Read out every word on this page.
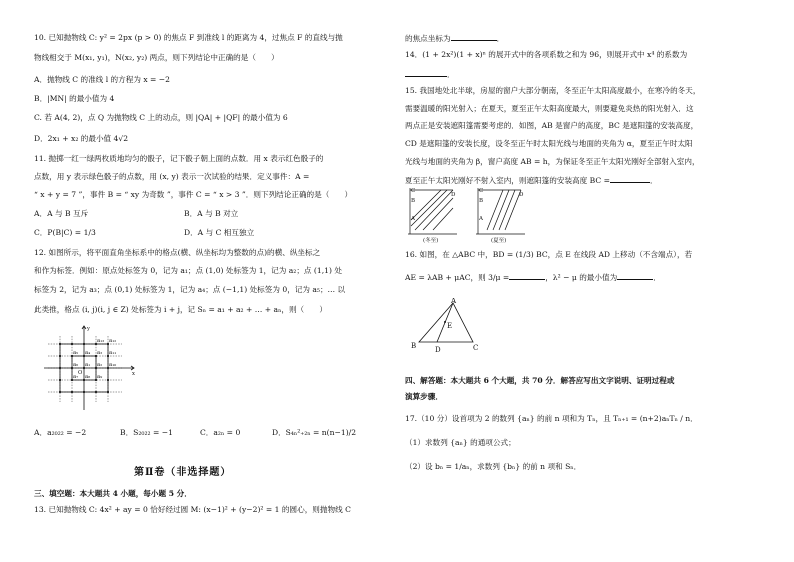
10. 已知抛物线 C: y² = 2px (p > 0) 的焦点 F 到准线 l 的距离为 4，过焦点 F 的直线与抛
物线相交于 M(x₁, y₁)，N(x₂, y₂) 两点，则下列结论中正确的是（　　）
A．抛物线 C 的准线 l 的方程为 x = −2
B．|MN| 的最小值为 4
C. 若 A(4, 2)，点 Q 为抛物线 C 上的动点，则 |QA| + |QF| 的最小值为 6
D．2x₁ + x₂ 的最小值 4√2
11. 抛掷一红一绿两枚质地均匀的骰子，记下骰子朝上面的点数．用 x 表示红色骰子的
点数，用 y 表示绿色骰子的点数，用 (x, y) 表示一次试验的结果．定义事件：A =
“ x + y = 7 ”，事件 B = “ xy 为奇数 ”，事件 C = “ x > 3 ”．则下列结论正确的是（　　）
A．A 与 B 互斥	B．A 与 B 对立
C．P(B|C) = 1/3	D．A 与 C 相互独立
12. 如图所示，将平面直角坐标系中的格点(横、纵坐标均为整数的点)的横、纵坐标之
和作为标签．例如：原点处标签为 0，记为 a₁；点 (1,0) 处标签为 1，记为 a₂；点 (1,1) 处
标签为 2，记为 a₃；点 (0,1) 处标签为 1，记为 a₄；点 (−1,1) 处标签为 0，记为 a₅；… 以
此类推，格点 (i, j)(i, j ∈ Z) 处标签为 i + j，记 Sₙ = a₁ + a₂ + … + aₙ，则（　　）
a₁ a₂
a₃
a₄
a₅
a₆
a₇ a₈ a₉
a₁₀
a₁₁
a₁₂
a₁₃
O	x
y
A．a₂₀₂₂ = −2	B．S₂₀₂₂ = −1	C．a₂ₙ = 0	D．S₄ₙ²₊₂ₙ = n(n−1)/2
第Ⅱ卷（非选择题）
三、填空题：本大题共 4 小题，每小题 5 分．
13. 已知抛物线 C: 4x² + ay = 0 恰好经过圆 M: (x−1)² + (y−2)² = 1 的圆心，则抛物线 C
的焦点坐标为	．
14．(1 + 2x²)(1 + x)ⁿ 的展开式中的各项系数之和为 96，则展开式中 x⁴ 的系数为
．
15. 我国地处北半球，房屋的窗户大部分朝南，冬至正午太阳高度最小，在寒冷的冬天，
需要温暖的阳光射入；在夏天，夏至正午太阳高度最大，则要避免炎热的阳光射入．这
两点正是安装遮阳篷需要考虑的．如图，AB 是窗户的高度，BC 是遮阳篷的安装高度，
CD 是遮阳篷的安装长度，设冬至正午时太阳光线与地面的夹角为 α，夏至正午时太阳
光线与地面的夹角为 β，窗户高度 AB = h，为保证冬至正午太阳光刚好全部射入室内，
夏至正午太阳光刚好不射入室内，则遮阳篷的安装高度 BC =	．
C
B
A
D
(冬至)
C
B
A
D
(夏至)
16. 如图，在 △ABC 中，BD = (1/3) BC，点 E 在线段 AD 上移动（不含端点），若
AE = λAB + μAC，则 3/μ =	，λ² − μ 的最小值为	．
A
B	C
D
E
四、解答题：本大题共 6 个大题，共 70 分．解答应写出文字说明、证明过程或
演算步骤．
17.（10 分）设首项为 2 的数列 {aₙ} 的前 n 项和为 Tₙ，且 Tₙ₊₁ = (n+2)aₙTₙ / n．
（1）求数列 {aₙ} 的通项公式；
（2）设 bₙ = 1/aₙ，求数列 {bₙ} 的前 n 项和 Sₙ．
